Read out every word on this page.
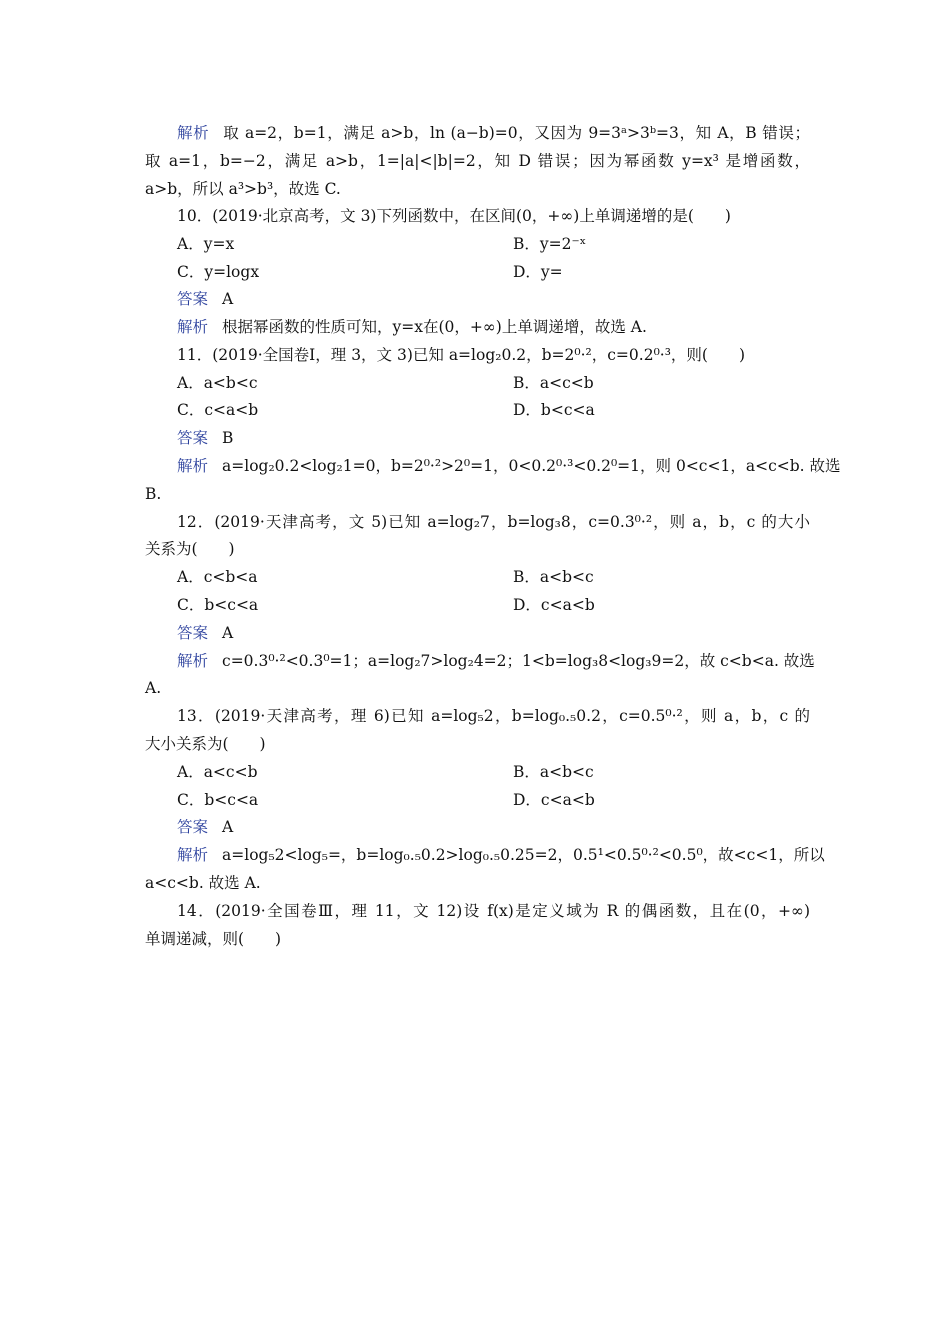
解析 取 a=2，b=1，满足 a>b，ln (a−b)=0，又因为 9=3ᵃ>3ᵇ=3，知 A，B 错误；
取 a=1，b=−2，满足 a>b，1=|a|<|b|=2，知 D 错误；因为幂函数 y=x³ 是增函数，
a>b，所以 a³>b³，故选 C.
10．(2019·北京高考，文 3)下列函数中，在区间(0，+∞)上单调递增的是(　　)
A．y=x	B．y=2⁻ˣ
C．y=logx	D．y=
答案 A
解析 根据幂函数的性质可知，y=x在(0，+∞)上单调递增，故选 A.
11．(2019·全国卷Ⅰ，理 3，文 3)已知 a=log₂0.2，b=2⁰·²，c=0.2⁰·³，则(　　)
A．a<b<c	B．a<c<b
C．c<a<b	D．b<c<a
答案 B
解析 a=log₂0.2<log₂1=0，b=2⁰·²>2⁰=1，0<0.2⁰·³<0.2⁰=1，则 0<c<1，a<c<b. 故选
B.
12．(2019·天津高考，文 5)已知 a=log₂7，b=log₃8，c=0.3⁰·²，则 a，b，c 的大小
关系为(　　)
A．c<b<a	B．a<b<c
C．b<c<a	D．c<a<b
答案 A
解析 c=0.3⁰·²<0.3⁰=1；a=log₂7>log₂4=2；1<b=log₃8<log₃9=2，故 c<b<a. 故选
A.
13．(2019·天津高考，理 6)已知 a=log₅2，b=log₀.₅0.2，c=0.5⁰·²，则 a，b，c 的
大小关系为(　　)
A．a<c<b	B．a<b<c
C．b<c<a	D．c<a<b
答案 A
解析 a=log₅2<log₅=，b=log₀.₅0.2>log₀.₅0.25=2，0.5¹<0.5⁰·²<0.5⁰，故<c<1，所以
a<c<b. 故选 A.
14．(2019·全国卷Ⅲ，理 11，文 12)设 f(x)是定义域为 R 的偶函数，且在(0，+∞)
单调递减，则(　　)
